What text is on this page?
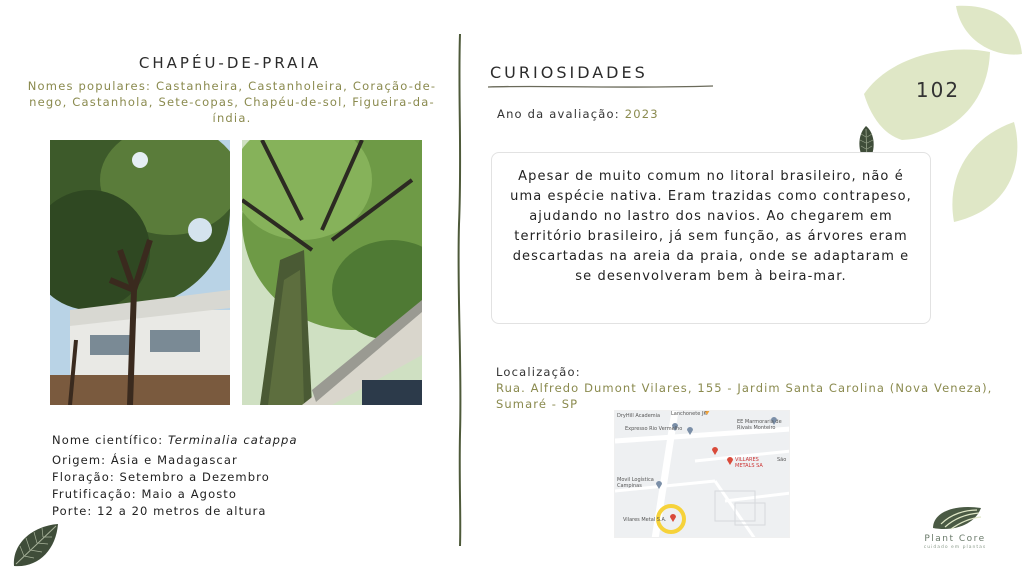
CHAPÉU-DE-PRAIA
Nomes populares: Castanheira, Castanholeira, Coração-de-nego, Castanhola, Sete-copas, Chapéu-de-sol, Figueira-da-índia.
Nome científico: Terminalia catappa
Origem: Ásia e Madagascar
Floração: Setembro a Dezembro
Frutificação: Maio a Agosto
Porte: 12 a 20 metros de altura
CURIOSIDADES
Ano da avaliação: 2023
Apesar de muito comum no litoral brasileiro, não é uma espécie nativa. Eram trazidas como contrapeso, ajudando no lastro dos navios. Ao chegarem em território brasileiro, já sem função, as árvores eram descartadas na areia da praia, onde se adaptaram e se desenvolveram bem à beira-mar.
Localização:
Rua. Alfredo Dumont Vilares, 155 - Jardim Santa Carolina (Nova Veneza), Sumaré - SP
DryHill Academia Lanchonete JK
Expresso Rio Vermelho
EE Marmoraria de Rivais Monteiro
VILLARES METALS SA
São
Movil Logística Campinas
Vilares Metal S.A.
102
Plant Core
cuidado em plantas
